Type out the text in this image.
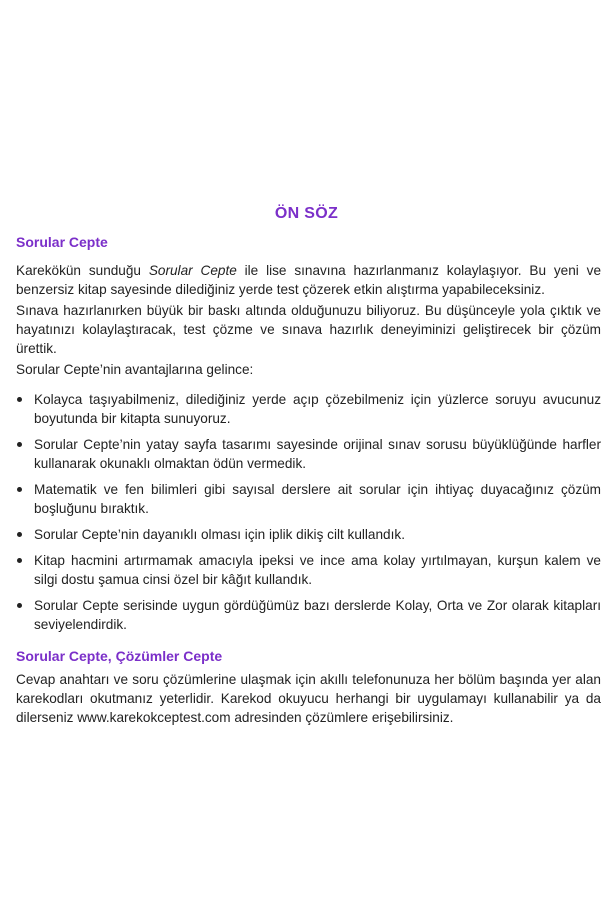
ÖN SÖZ
Sorular Cepte

Karekökün sunduğu Sorular Cepte ile lise sınavına hazırlanmanız kolaylaşıyor. Bu yeni ve benzersiz kitap sayesinde dilediğiniz yerde test çözerek etkin alıştırma yapabileceksiniz.

Sınava hazırlanırken büyük bir baskı altında olduğunuzu biliyoruz. Bu düşünceyle yola çıktık ve hayatınızı kolaylaştıracak, test çözme ve sınava hazırlık deneyiminizi geliştirecek bir çözüm ürettik.

Sorular Cepte’nin avantajlarına gelince:

Kolayca taşıyabilmeniz, dilediğiniz yerde açıp çözebilmeniz için yüzlerce soruyu avucunuz boyutunda bir kitapta sunuyoruz.
Sorular Cepte’nin yatay sayfa tasarımı sayesinde orijinal sınav sorusu büyüklüğünde harfler kullanarak okunaklı olmaktan ödün vermedik.
Matematik ve fen bilimleri gibi sayısal derslere ait sorular için ihtiyaç duyacağınız çözüm boşluğunu bıraktık.
Sorular Cepte’nin dayanıklı olması için iplik dikiş cilt kullandık.
Kitap hacmini artırmamak amacıyla ipeksi ve ince ama kolay yırtılmayan, kurşun kalem ve silgi dostu şamua cinsi özel bir kâğıt kullandık.
Sorular Cepte serisinde uygun gördüğümüz bazı derslerde Kolay, Orta ve Zor olarak kitapları seviyelendirdik.
Sorular Cepte, Çözümler Cepte

Cevap anahtarı ve soru çözümlerine ulaşmak için akıllı telefonunuza her bölüm başında yer alan karekodları okutmanız yeterlidir. Karekod okuyucu herhangi bir uygulamayı kullanabilir ya da dilerseniz www.karekokceptest.com adresinden çözümlere erişebilirsiniz.
